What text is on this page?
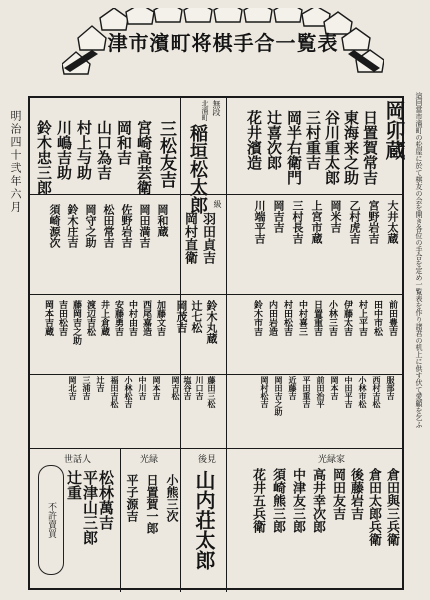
津市濱町将棋手合一覧表
明治四十弐年六月	這回當市濱町の松屋に於て棋友の会を開き各位の手合を定め一覧表を作り諸君の机上に供す伏て愛顧を乞ふ
岡卯蔵
日置賀常吉
東海来之助
谷川重太郎
三村重吉
岡半右衛門
辻喜次郎
花井濱造
無段
北濱町
稲垣松太郎
三松友吉
宮崎高芸衛
岡和吉
山口為吉
村上与助
川嶋吉助
鈴木忠三郎
大井太蔵
宮野岩吉
乙村虎吉
岡米吉
上宮市蔵
三村長吉
岡吉吉
川端平吉
級
羽田貞吉
岡村直衛
岡和蔵
岡田満吉
佐野岩吉
松田常吉
岡守之助
鈴木庄吉
須崎源次
前田豊吉
田中市松
村上平吉
伊藤太吉
小林三吉
日置重吉
中村喜三
村田松吉
内田岩造
鈴木市吉
鈴木丸蔵
辻七松
岡茂吉
加藤文吉
西尾嘉造
中村由吉
安藤勇吉
井上倉蔵
渡辺吉松
藤岡吉之助
吉田松吉
岡本吉蔵
服部吉
西村吉松
小林市松
中田平吉
岡本吉
前田治平
平田重吉
近藤吉
岡田吉之助
岡村松吉
藤田三松
川口吉
塩谷吉
岡吉松
岡本吉
中川吉
小林松吉
福田吉松
辻吉
三浦吉
岡北吉
光緑家
後見
光緑
世話人
倉田與三兵衛
倉田太郎兵衛
後藤岩吉
岡田友吉
高井幸次郎
中津友三郎
須崎熊三郎
花井五兵衛
山内荘太郎
小熊三次
日置賀一郎
平子源吉
松林萬吉
平津山三郎
辻重
不許賣買
